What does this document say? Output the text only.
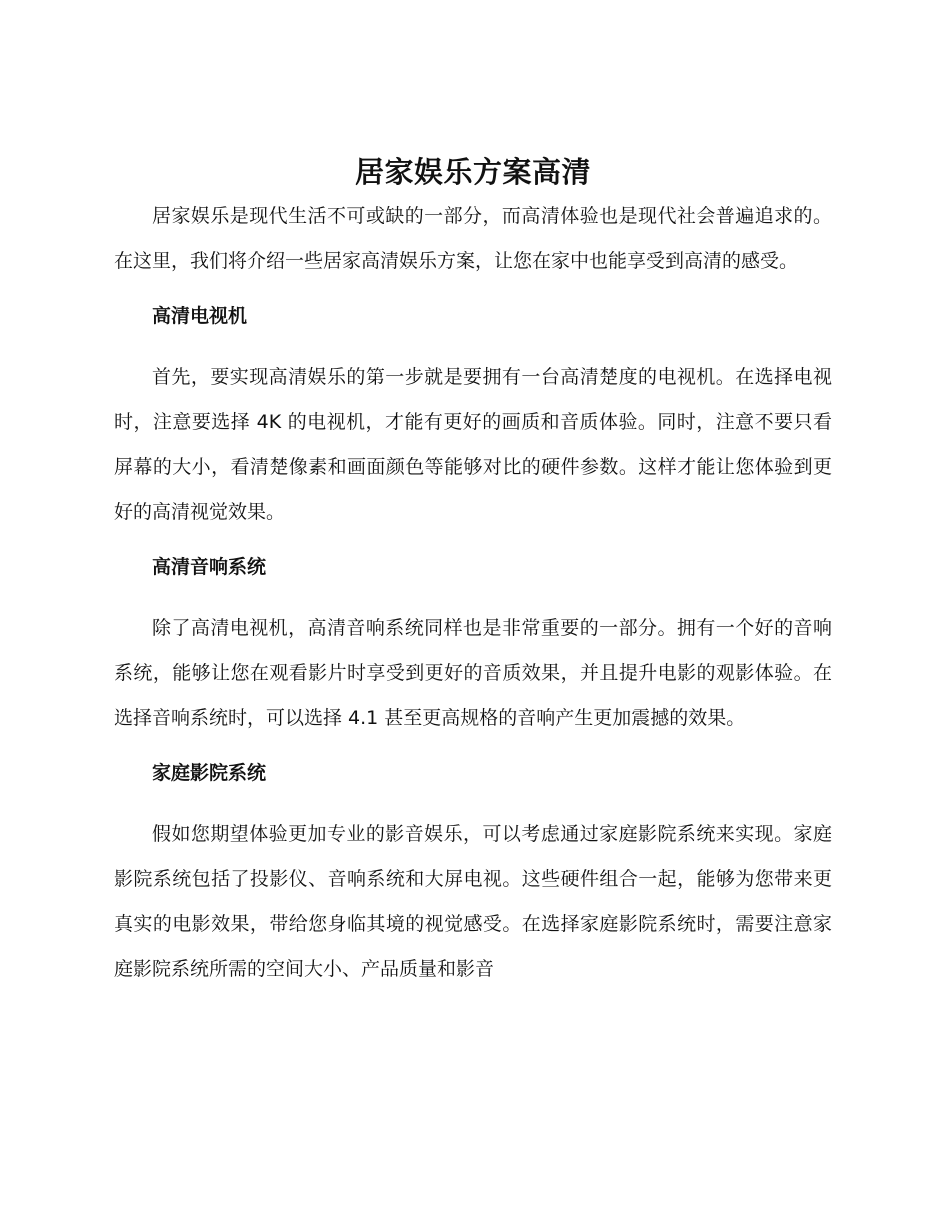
居家娱乐方案高清

居家娱乐是现代生活不可或缺的一部分，而高清体验也是现代社会普遍追求的。在这里，我们将介绍一些居家高清娱乐方案，让您在家中也能享受到高清的感受。

高清电视机

首先，要实现高清娱乐的第一步就是要拥有一台高清楚度的电视机。在选择电视时，注意要选择 4K 的电视机，才能有更好的画质和音质体验。同时，注意不要只看屏幕的大小，看清楚像素和画面颜色等能够对比的硬件参数。这样才能让您体验到更好的高清视觉效果。

高清音响系统

除了高清电视机，高清音响系统同样也是非常重要的一部分。拥有一个好的音响系统，能够让您在观看影片时享受到更好的音质效果，并且提升电影的观影体验。在选择音响系统时，可以选择 4.1 甚至更高规格的音响产生更加震撼的效果。

家庭影院系统

假如您期望体验更加专业的影音娱乐，可以考虑通过家庭影院系统来实现。家庭影院系统包括了投影仪、音响系统和大屏电视。这些硬件组合一起，能够为您带来更真实的电影效果，带给您身临其境的视觉感受。在选择家庭影院系统时，需要注意家庭影院系统所需的空间大小、产品质量和影音
